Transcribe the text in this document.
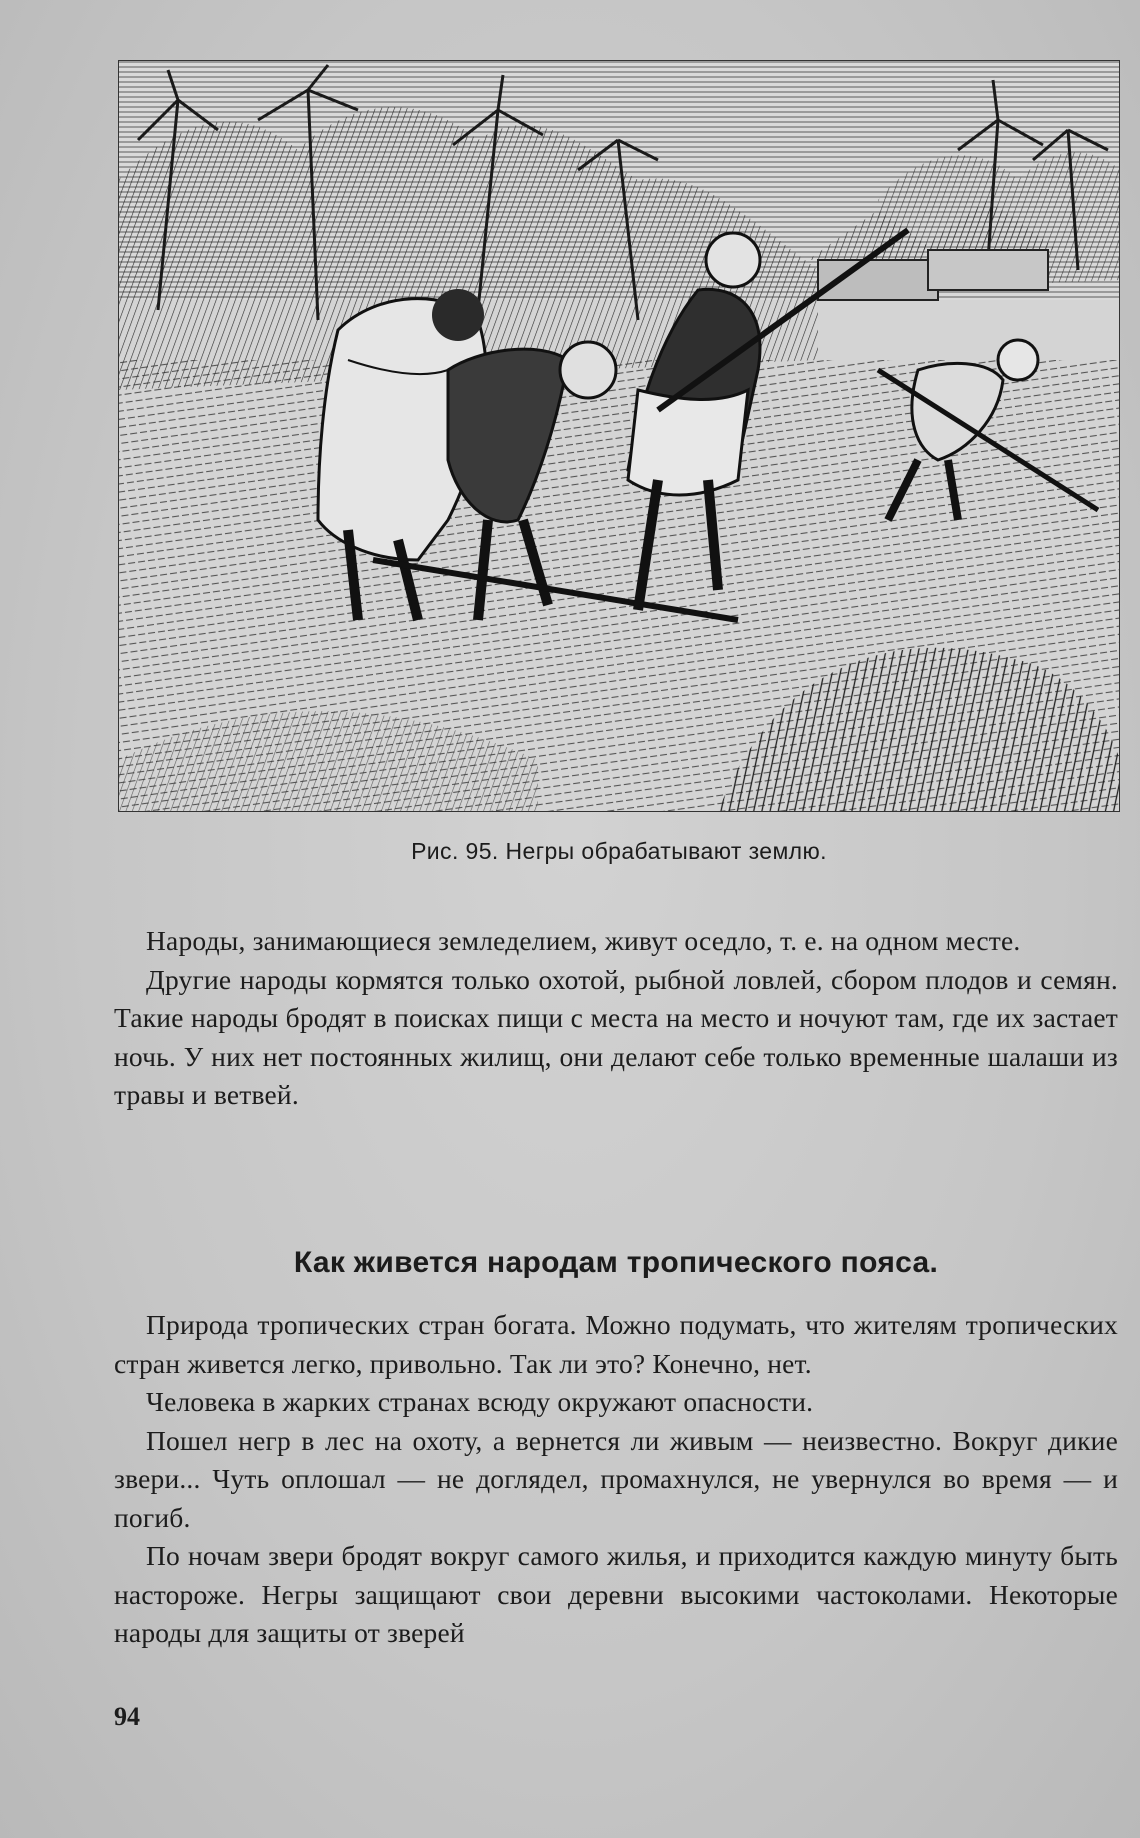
Рис. 95. Негры обрабатывают землю.

Народы, занимающиеся земледелием, живут оседло, т. е. на одном месте.

Другие народы кормятся только охотой, рыбной ловлей, сбором плодов и семян. Такие народы бродят в поисках пищи с места на место и ночуют там, где их застает ночь. У них нет постоянных жилищ, они делают себе только временные шалаши из травы и ветвей.

Как живется народам тропического пояса.

Природа тропических стран богата. Можно подумать, что жителям тропических стран живется легко, привольно. Так ли это? Конечно, нет.

Человека в жарких странах всюду окружают опасности.

Пошел негр в лес на охоту, а вернется ли живым — неизвестно. Вокруг дикие звери... Чуть оплошал — не доглядел, промахнулся, не увернулся во время — и погиб.

По ночам звери бродят вокруг самого жилья, и приходится каждую минуту быть настороже. Негры защищают свои деревни высокими частоколами. Некоторые народы для защиты от зверей

94
